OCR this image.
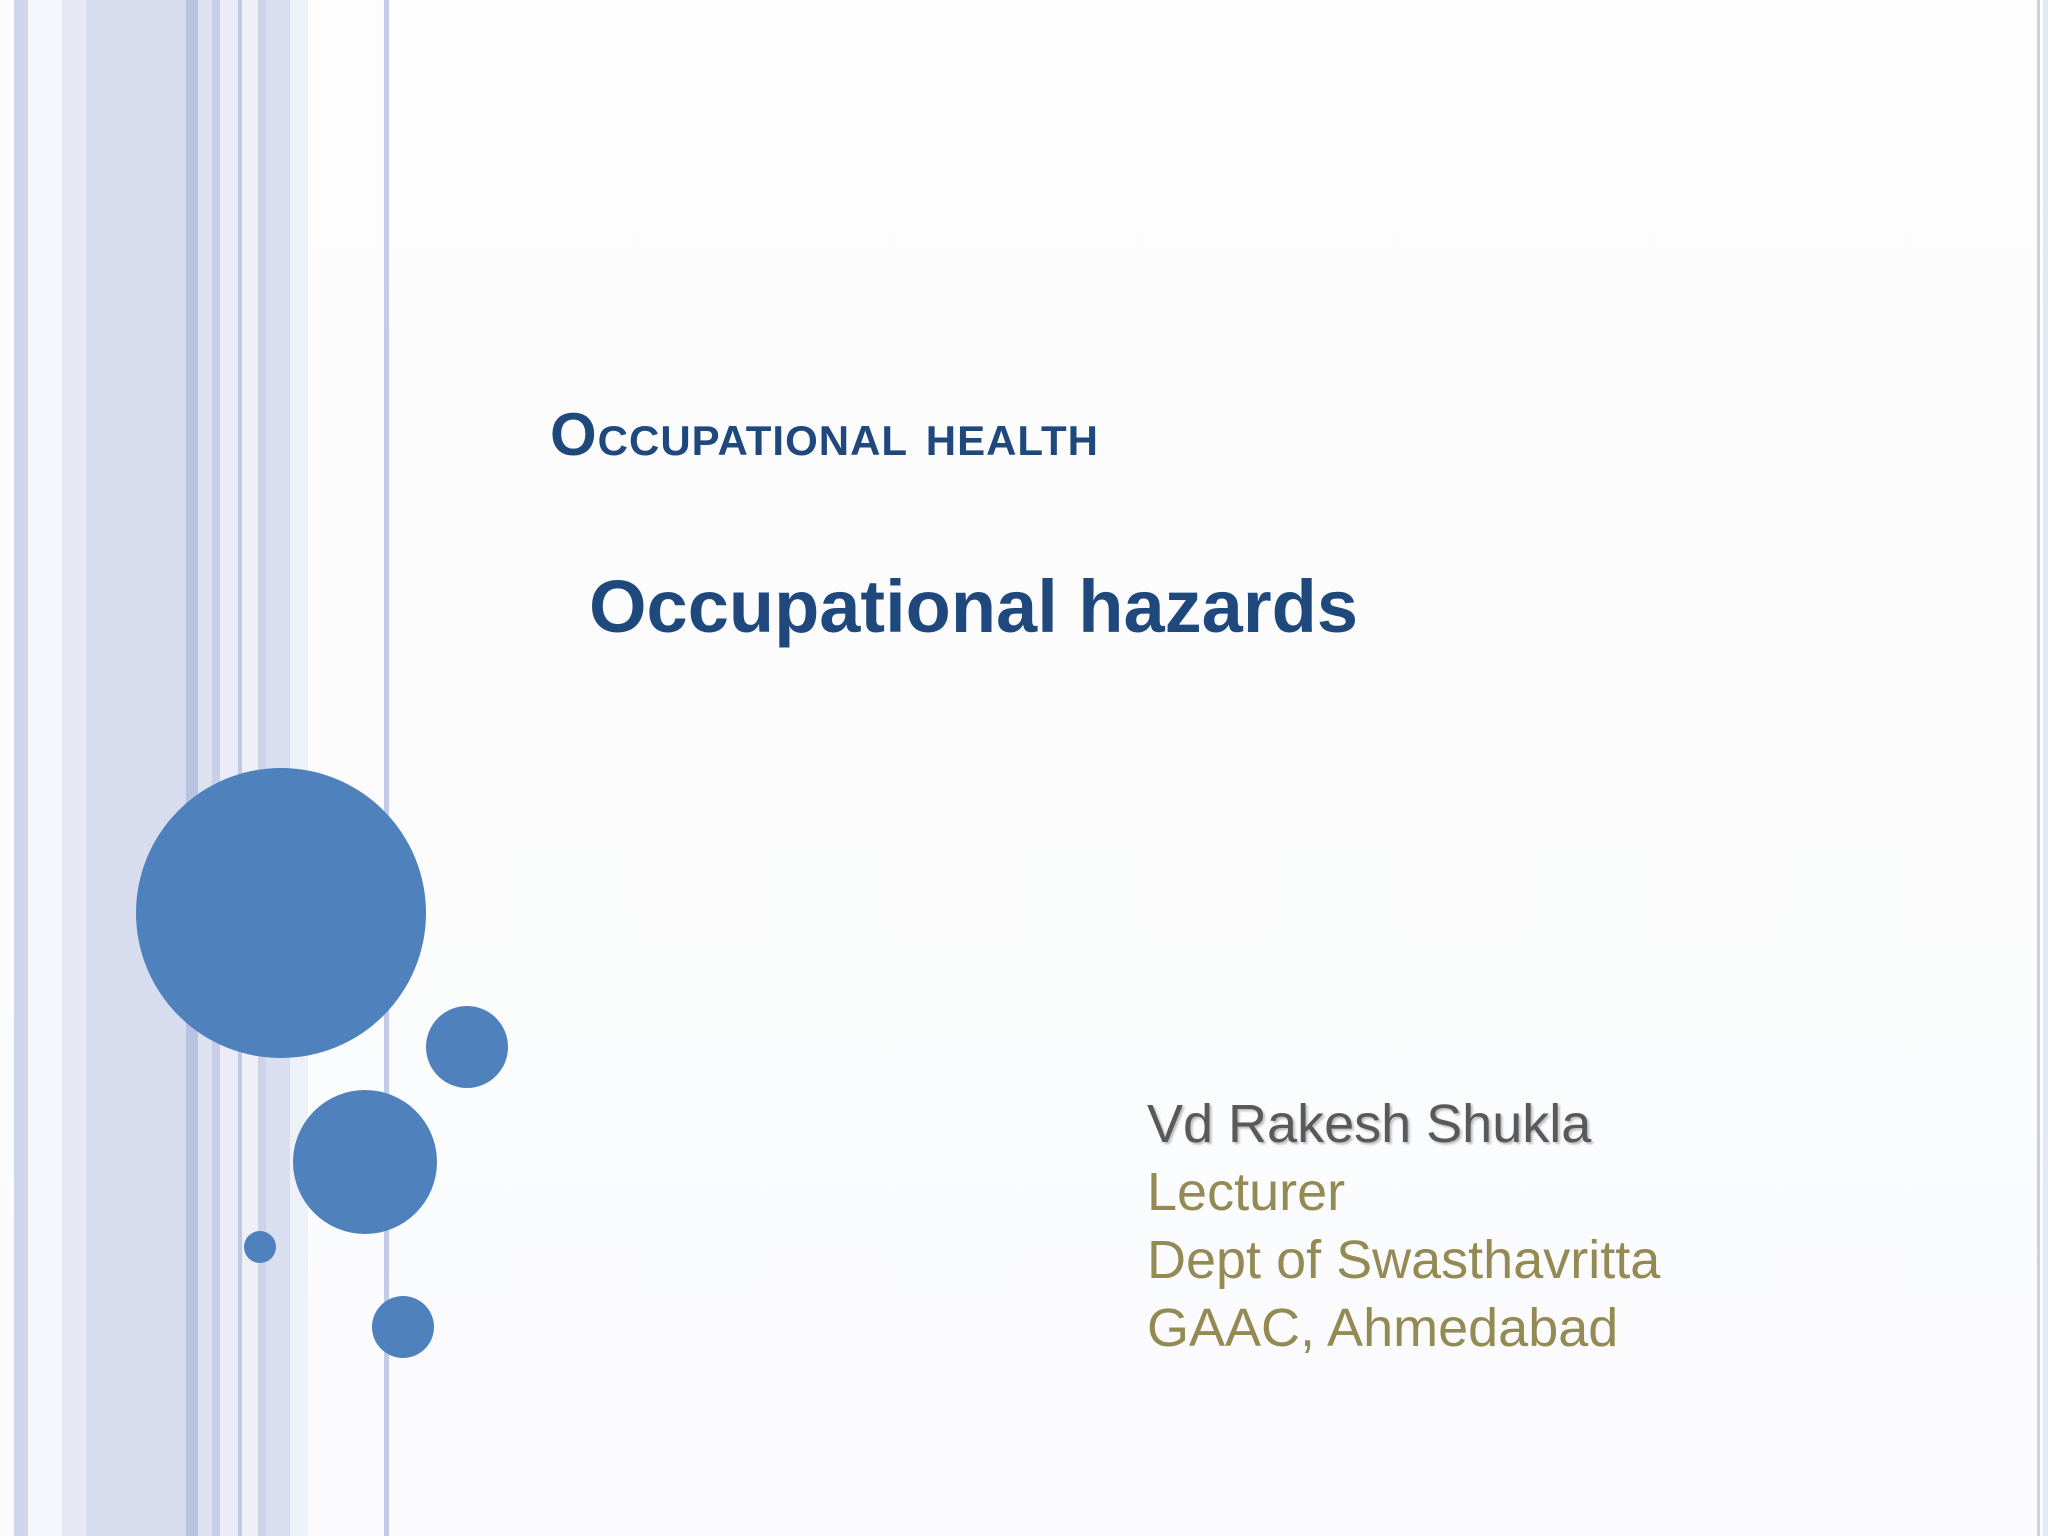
Occupational health
Occupational hazards
Vd Rakesh Shukla
Lecturer
Dept of Swasthavritta
GAAC, Ahmedabad
